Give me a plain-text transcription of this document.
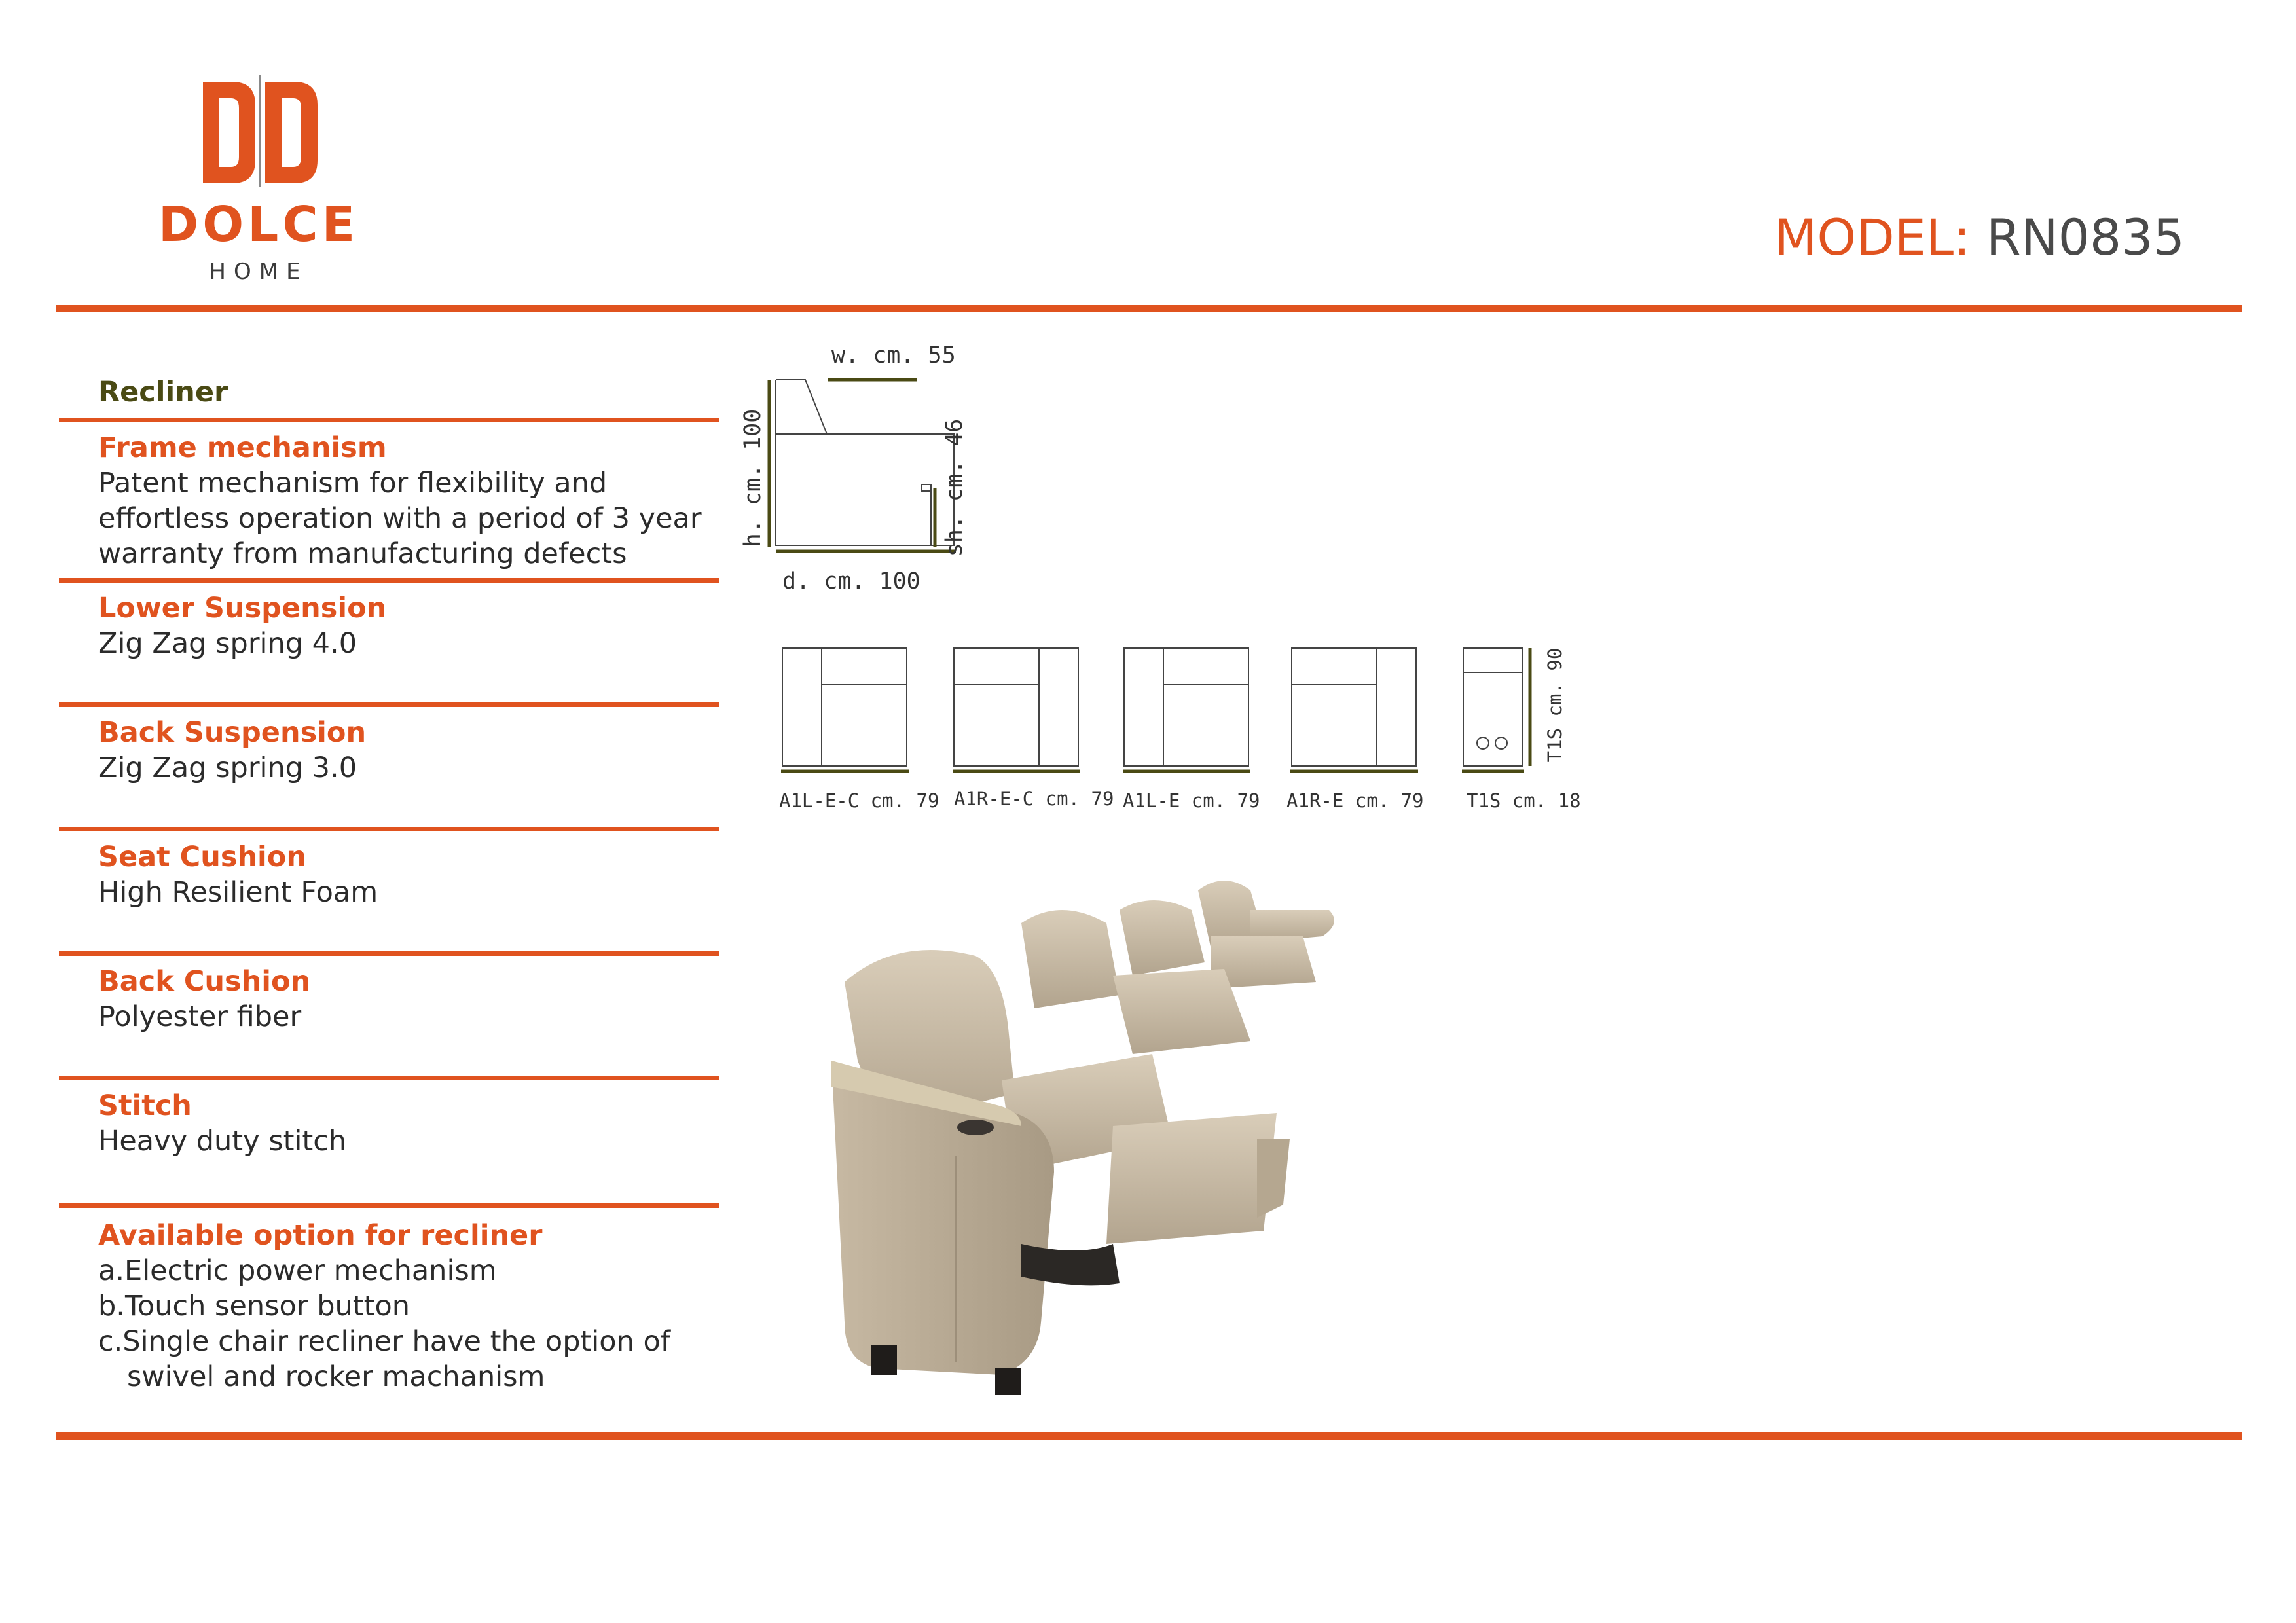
DOLCE
HOME
MODEL: RN0835
Recliner
Frame mechanism
Patent mechanism for flexibility and
effortless operation with a period of 3 year
warranty from manufacturing defects
Lower Suspension
Zig Zag spring 4.0
Back Suspension
Zig Zag spring 3.0
Seat Cushion
High Resilient Foam
Back Cushion
Polyester fiber
Stitch
Heavy duty stitch
Available option for recliner
a.Electric power mechanism
b.Touch sensor button
c.Single chair recliner have the option of
swivel and rocker machanism
w. cm. 55
d. cm. 100
h. cm. 100	sh. cm. 46
A1L-E-C cm. 79 A1R-E-C cm. 79 A1L-E cm. 79 A1R-E cm. 79 T1S cm. 18
T1S cm. 90
